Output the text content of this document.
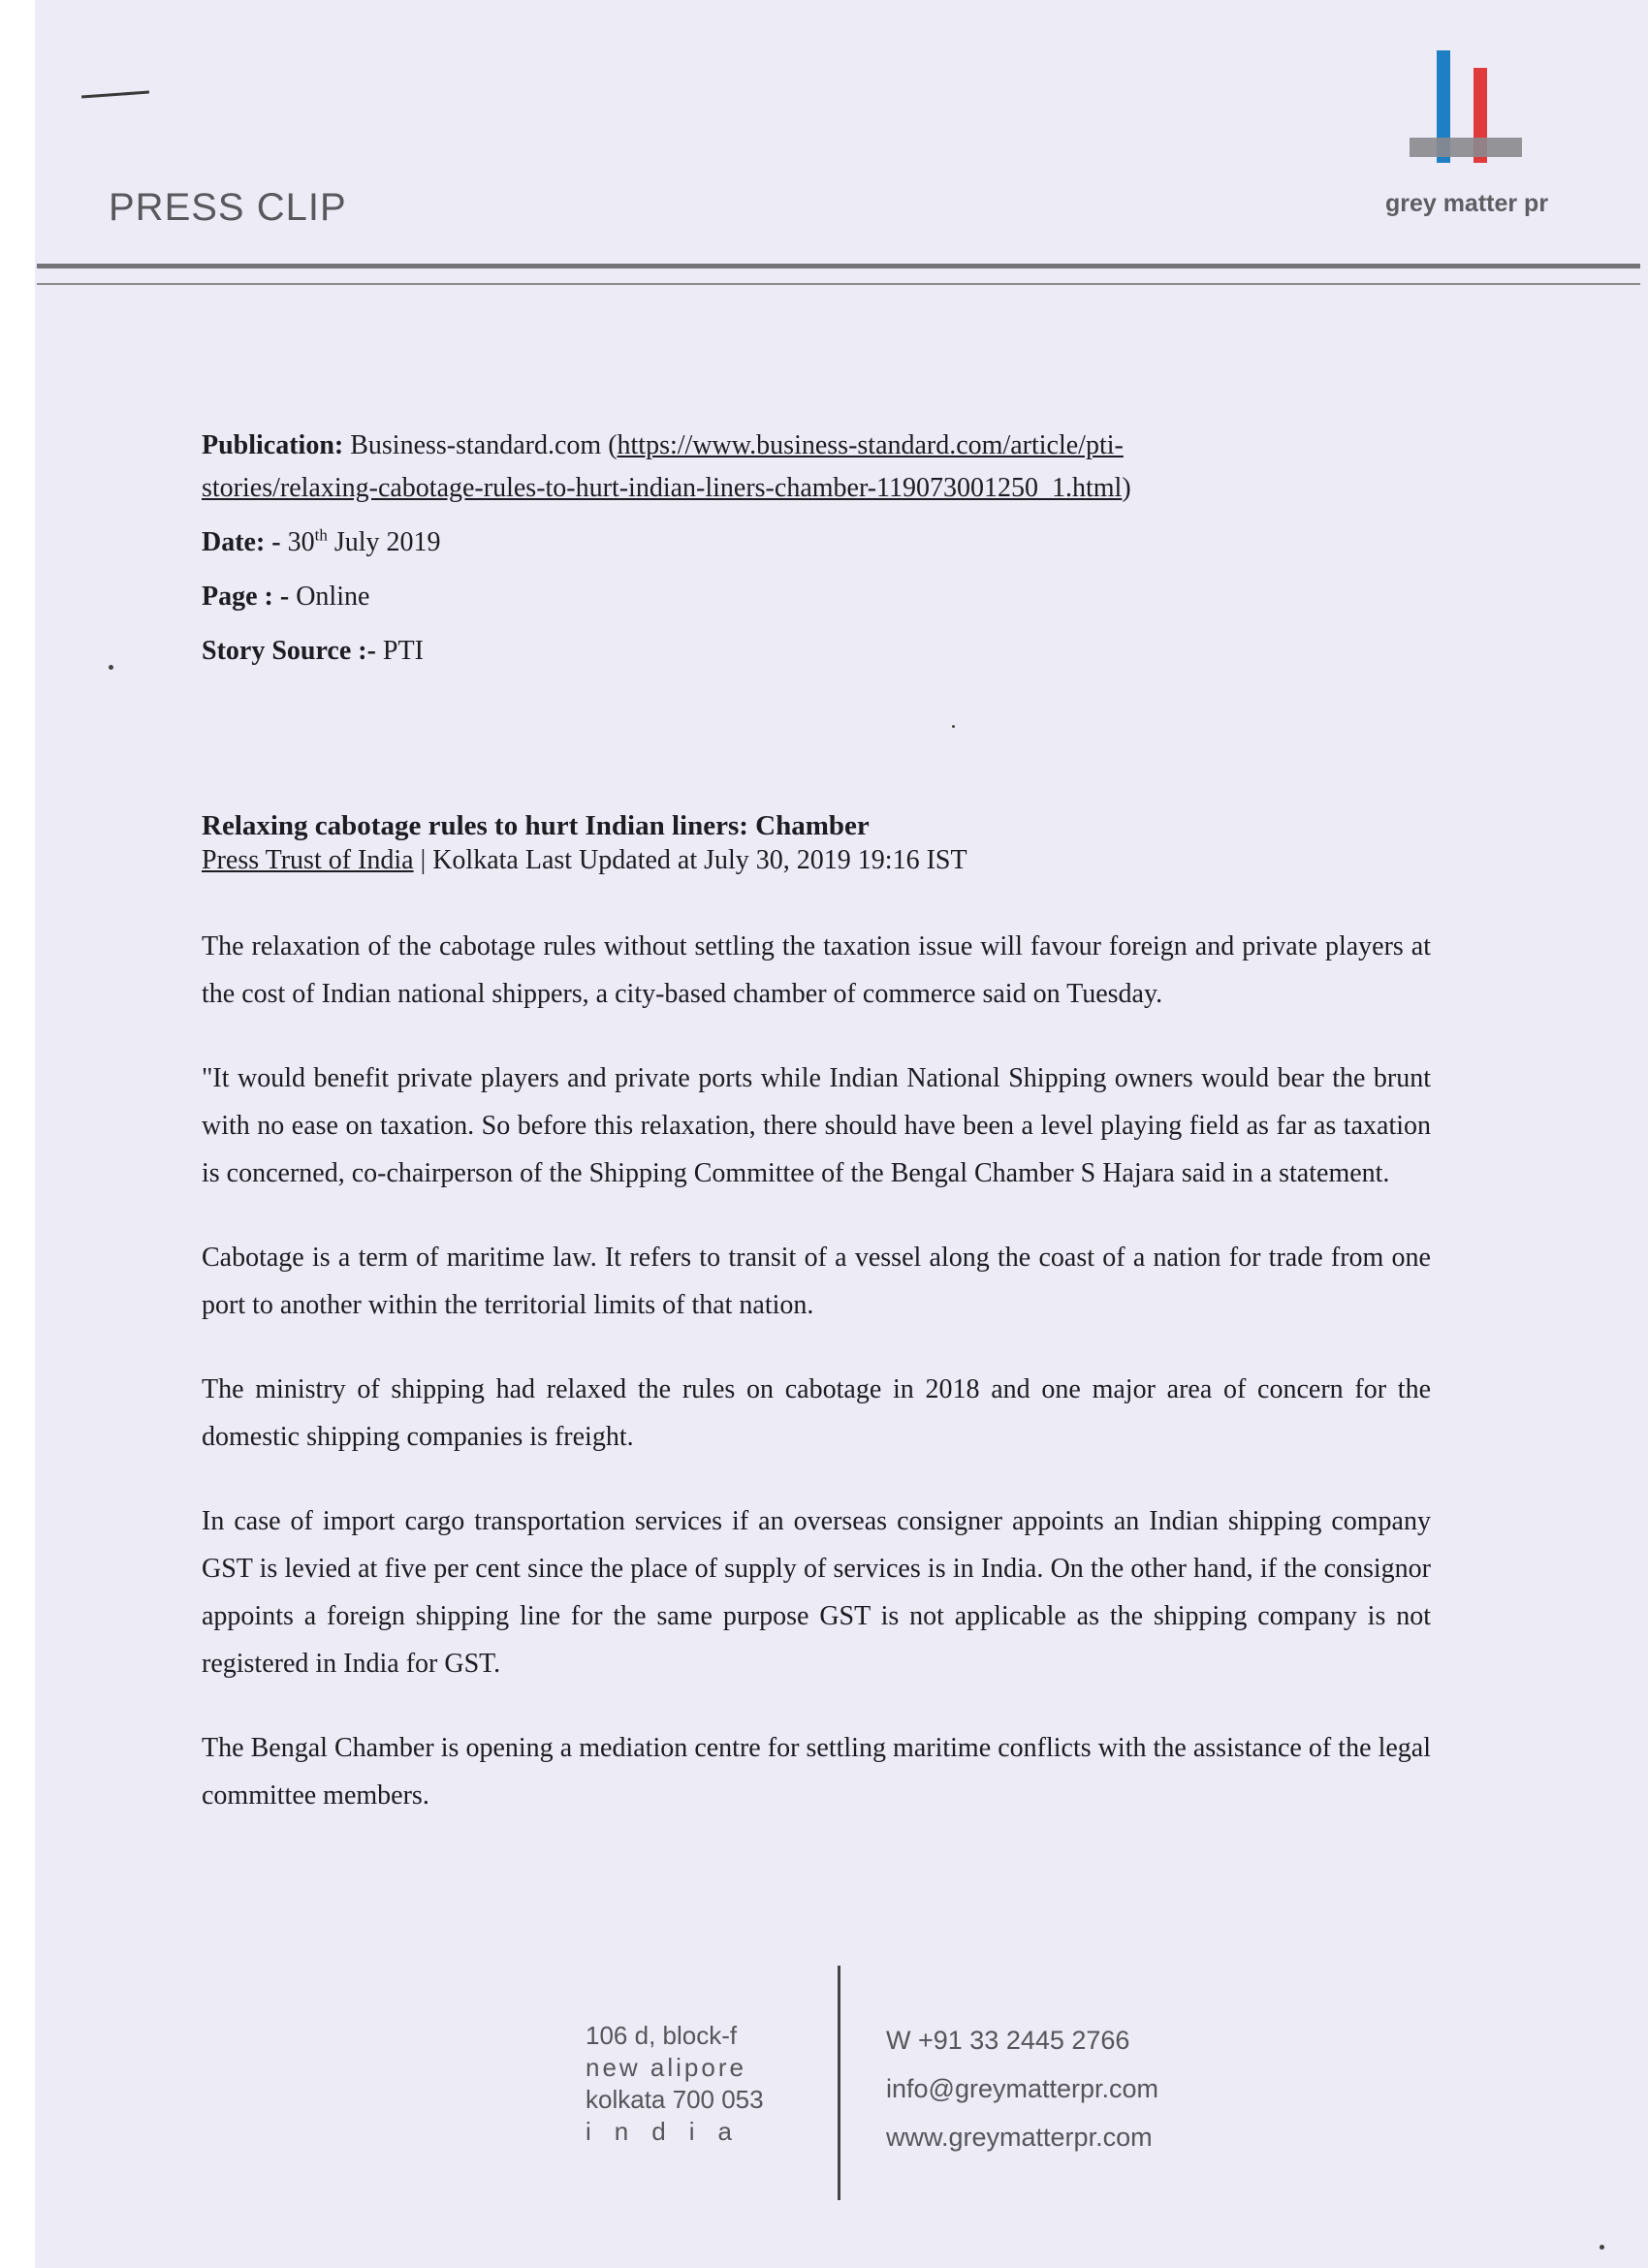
PRESS CLIP	grey matter pr
Publication: Business-standard.com (https://www.business-standard.com/article/pti-
stories/relaxing-cabotage-rules-to-hurt-indian-liners-chamber-119073001250_1.html)
Date: - 30th July 2019
Page : - Online
Story Source :- PTI
Relaxing cabotage rules to hurt Indian liners: Chamber
Press Trust of India | Kolkata Last Updated at July 30, 2019 19:16 IST

The relaxation of the cabotage rules without settling the taxation issue will favour foreign and private players at the cost of Indian national shippers, a city-based chamber of commerce said on Tuesday.

"It would benefit private players and private ports while Indian National Shipping owners would bear the brunt with no ease on taxation. So before this relaxation, there should have been a level playing field as far as taxation is concerned, co-chairperson of the Shipping Committee of the Bengal Chamber S Hajara said in a statement.

Cabotage is a term of maritime law. It refers to transit of a vessel along the coast of a nation for trade from one port to another within the territorial limits of that nation.

The ministry of shipping had relaxed the rules on cabotage in 2018 and one major area of concern for the domestic shipping companies is freight.

In case of import cargo transportation services if an overseas consigner appoints an Indian shipping company GST is levied at five per cent since the place of supply of services is in India. On the other hand, if the consignor appoints a foreign shipping line for the same purpose GST is not applicable as the shipping company is not registered in India for GST.

The Bengal Chamber is opening a mediation centre for settling maritime conflicts with the assistance of the legal committee members.

106 d, block-f
new alipore
kolkata 700 053
india
W +91 33 2445 2766
info@greymatterpr.com
www.greymatterpr.com
